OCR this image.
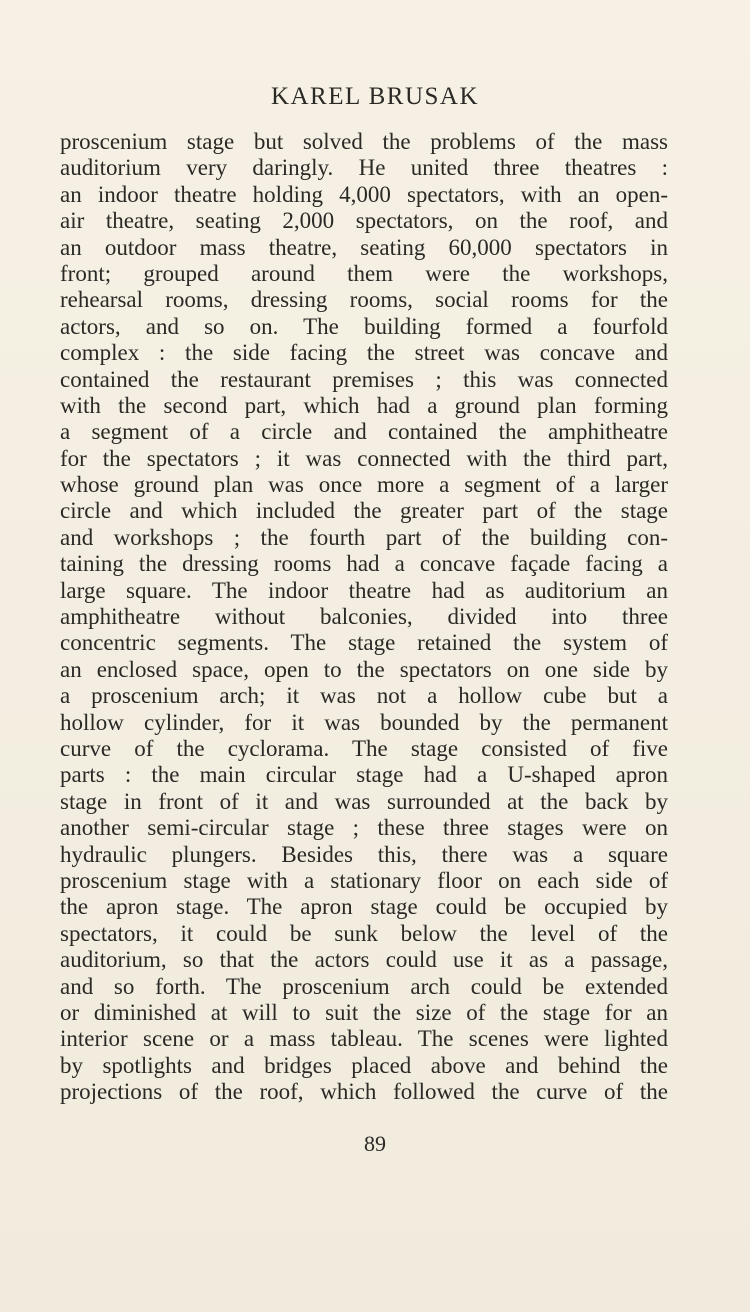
KAREL BRUSAK
proscenium stage but solved the problems of the mass
auditorium very daringly. He united three theatres :
an indoor theatre holding 4,000 spectators, with an open-
air theatre, seating 2,000 spectators, on the roof, and
an outdoor mass theatre, seating 60,000 spectators in
front; grouped around them were the workshops,
rehearsal rooms, dressing rooms, social rooms for the
actors, and so on. The building formed a fourfold
complex : the side facing the street was concave and
contained the restaurant premises ; this was connected
with the second part, which had a ground plan forming
a segment of a circle and contained the amphitheatre
for the spectators ; it was connected with the third part,
whose ground plan was once more a segment of a larger
circle and which included the greater part of the stage
and workshops ; the fourth part of the building con-
taining the dressing rooms had a concave façade facing a
large square. The indoor theatre had as auditorium an
amphitheatre without balconies, divided into three
concentric segments. The stage retained the system of
an enclosed space, open to the spectators on one side by
a proscenium arch; it was not a hollow cube but a
hollow cylinder, for it was bounded by the permanent
curve of the cyclorama. The stage consisted of five
parts : the main circular stage had a U-shaped apron
stage in front of it and was surrounded at the back by
another semi-circular stage ; these three stages were on
hydraulic plungers. Besides this, there was a square
proscenium stage with a stationary floor on each side of
the apron stage. The apron stage could be occupied by
spectators, it could be sunk below the level of the
auditorium, so that the actors could use it as a passage,
and so forth. The proscenium arch could be extended
or diminished at will to suit the size of the stage for an
interior scene or a mass tableau. The scenes were lighted
by spotlights and bridges placed above and behind the
projections of the roof, which followed the curve of the
89
